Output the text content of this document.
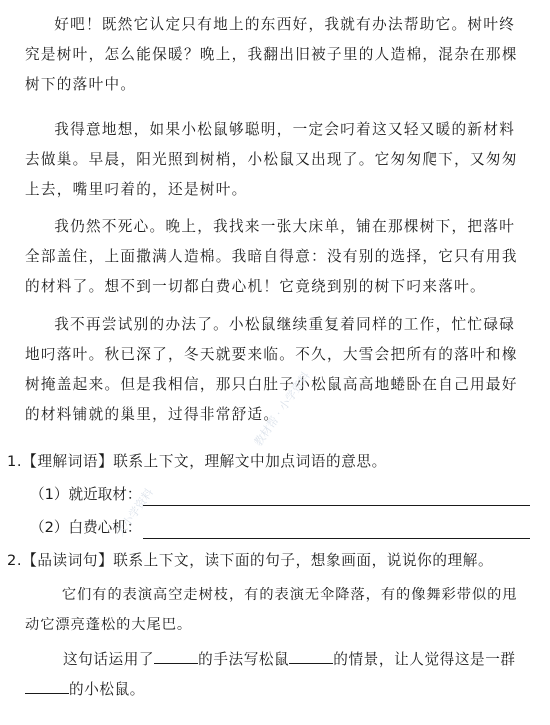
好吧！既然它认定只有地上的东西好，我就有办法帮助它。树叶终究是树叶，怎么能保暖？晚上，我翻出旧被子里的人造棉，混杂在那棵树下的落叶中。

我得意地想，如果小松鼠够聪明，一定会叼着这又轻又暖的新材料去做巢。早晨，阳光照到树梢，小松鼠又出现了。它匆匆爬下，又匆匆上去，嘴里叼着的，还是树叶。

我仍然不死心。晚上，我找来一张大床单，铺在那棵树下，把落叶全部盖住，上面撒满人造棉。我暗自得意：没有别的选择，它只有用我的材料了。想不到一切都白费心机！它竟绕到别的树下叼来落叶。

我不再尝试别的办法了。小松鼠继续重复着同样的工作，忙忙碌碌地叼落叶。秋已深了，冬天就要来临。不久，大雪会把所有的落叶和橡树掩盖起来。但是我相信，那只白肚子小松鼠高高地蜷卧在自己用最好的材料铺就的巢里，过得非常舒适。

1.【理解词语】联系上下文，理解文中加点词语的意思。

（1）就近取材：
（2）白费心机：

2.【品读词句】联系上下文，读下面的句子，想象画面，说说你的理解。

它们有的表演高空走树枝，有的表演无伞降落，有的像舞彩带似的甩动它漂亮蓬松的大尾巴。

这句话运用了	的手法写松鼠	的情景，让人觉得这是一群
的小松鼠。
教材帮 · 小学资料
大小学资料
